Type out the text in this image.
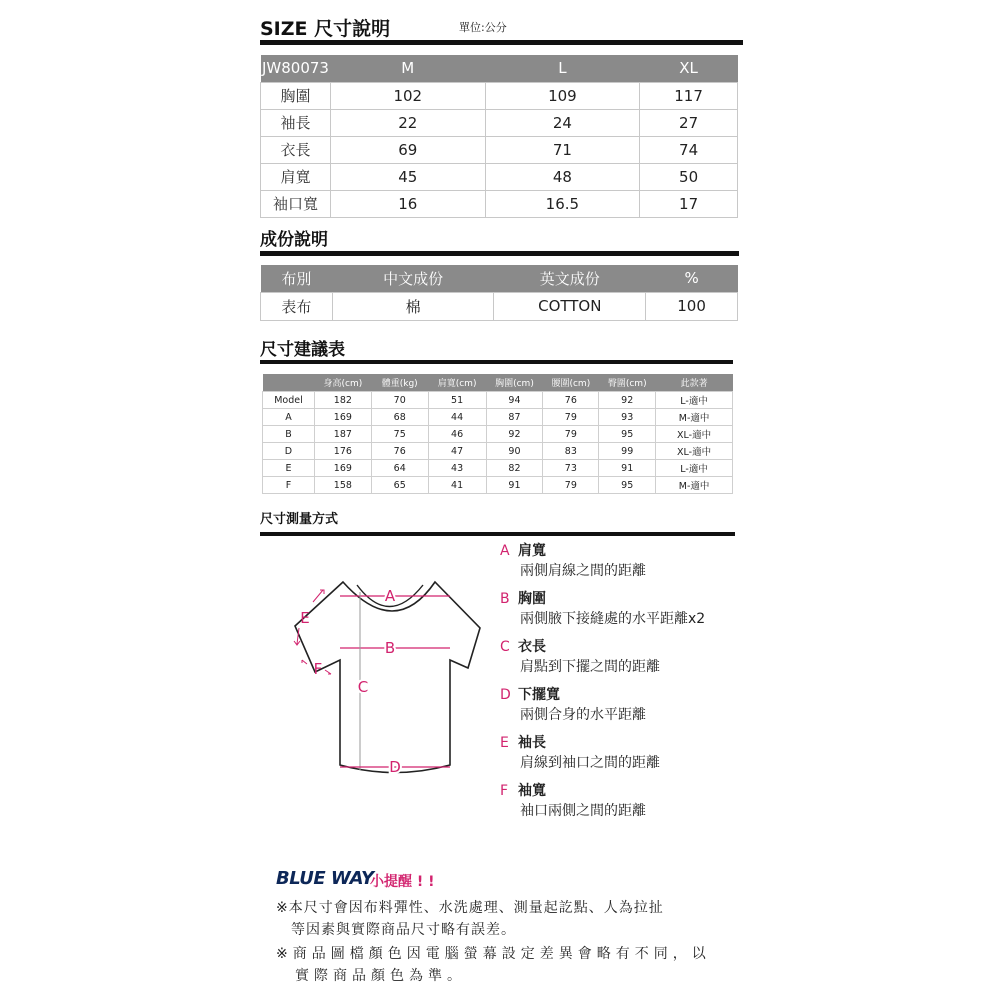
SIZE 尺寸說明	單位:公分
JW80073	M	L	XL
胸圍	102	109	117
袖長	22	24	27
衣長	69	71	74
肩寬	45	48	50
袖口寬	16	16.5	17
成份說明
布別	中文成份	英文成份	%
表布	棉	COTTON	100
尺寸建議表
	身高(cm)	體重(kg)	肩寬(cm)	胸圍(cm)	腰圍(cm)	臀圍(cm)	此款著
Model	182	70	51	94	76	92	L-適中
A	169	68	44	87	79	93	M-適中
B	187	75	46	92	79	95	XL-適中
D	176	76	47	90	83	99	XL-適中
E	169	64	43	82	73	91	L-適中
F	158	65	41	91	79	95	M-適中
尺寸測量方式
A
B
C
D
E
F
A 肩寬
兩側肩線之間的距離
B 胸圍
兩側腋下接縫處的水平距離x2
C 衣長
肩點到下擺之間的距離
D 下擺寬
兩側合身的水平距離
E 袖長
肩線到袖口之間的距離
F 袖寬
袖口兩側之間的距離
BLUE WAY
小提醒 ! !
※本尺寸會因布料彈性、水洗處理、測量起訖點、人為拉扯
　等因素與實際商品尺寸略有誤差。
※商品圖檔顏色因電腦螢幕設定差異會略有不同，以
　實際商品顏色為準。
